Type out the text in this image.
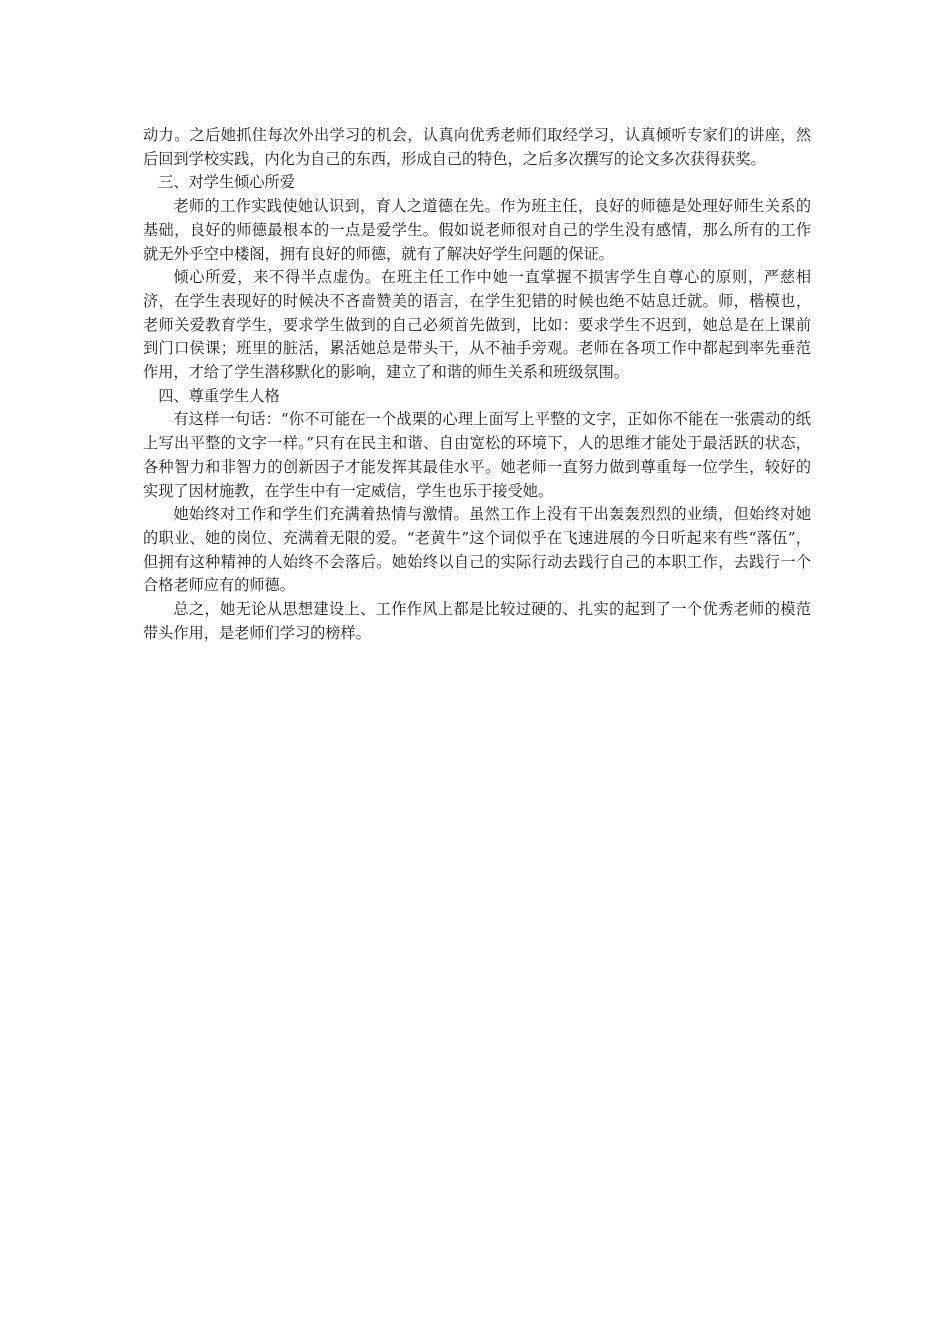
动力。之后她抓住每次外出学习的机会，认真向优秀老师们取经学习，认真倾听专家们的讲座，然后回到学校实践，内化为自己的东西，形成自己的特色，之后多次撰写的论文多次获得获奖。

三、对学生倾心所爱

老师的工作实践使她认识到，育人之道德在先。作为班主任，良好的师德是处理好师生关系的基础，良好的师德最根本的一点是爱学生。假如说老师很对自己的学生没有感情，那么所有的工作就无外乎空中楼阁，拥有良好的师德，就有了解决好学生问题的保证。

倾心所爱，来不得半点虚伪。在班主任工作中她一直掌握不损害学生自尊心的原则，严慈相济，在学生表现好的时候决不吝啬赞美的语言，在学生犯错的时候也绝不姑息迁就。师，楷模也，老师关爱教育学生，要求学生做到的自己必须首先做到，比如：要求学生不迟到，她总是在上课前到门口侯课；班里的脏活，累活她总是带头干，从不袖手旁观。老师在各项工作中都起到率先垂范作用，才给了学生潜移默化的影响，建立了和谐的师生关系和班级氛围。

四、尊重学生人格

有这样一句话：“你不可能在一个战栗的心理上面写上平整的文字，正如你不能在一张震动的纸上写出平整的文字一样。”只有在民主和谐、自由宽松的环境下，人的思维才能处于最活跃的状态，各种智力和非智力的创新因子才能发挥其最佳水平。她老师一直努力做到尊重每一位学生，较好的实现了因材施教，在学生中有一定威信，学生也乐于接受她。

她始终对工作和学生们充满着热情与激情。虽然工作上没有干出轰轰烈烈的业绩，但始终对她的职业、她的岗位、充满着无限的爱。“老黄牛”这个词似乎在飞速进展的今日听起来有些“落伍”，但拥有这种精神的人始终不会落后。她始终以自己的实际行动去践行自己的本职工作，去践行一个合格老师应有的师德。

总之，她无论从思想建设上、工作作风上都是比较过硬的、扎实的起到了一个优秀老师的模范带头作用，是老师们学习的榜样。
